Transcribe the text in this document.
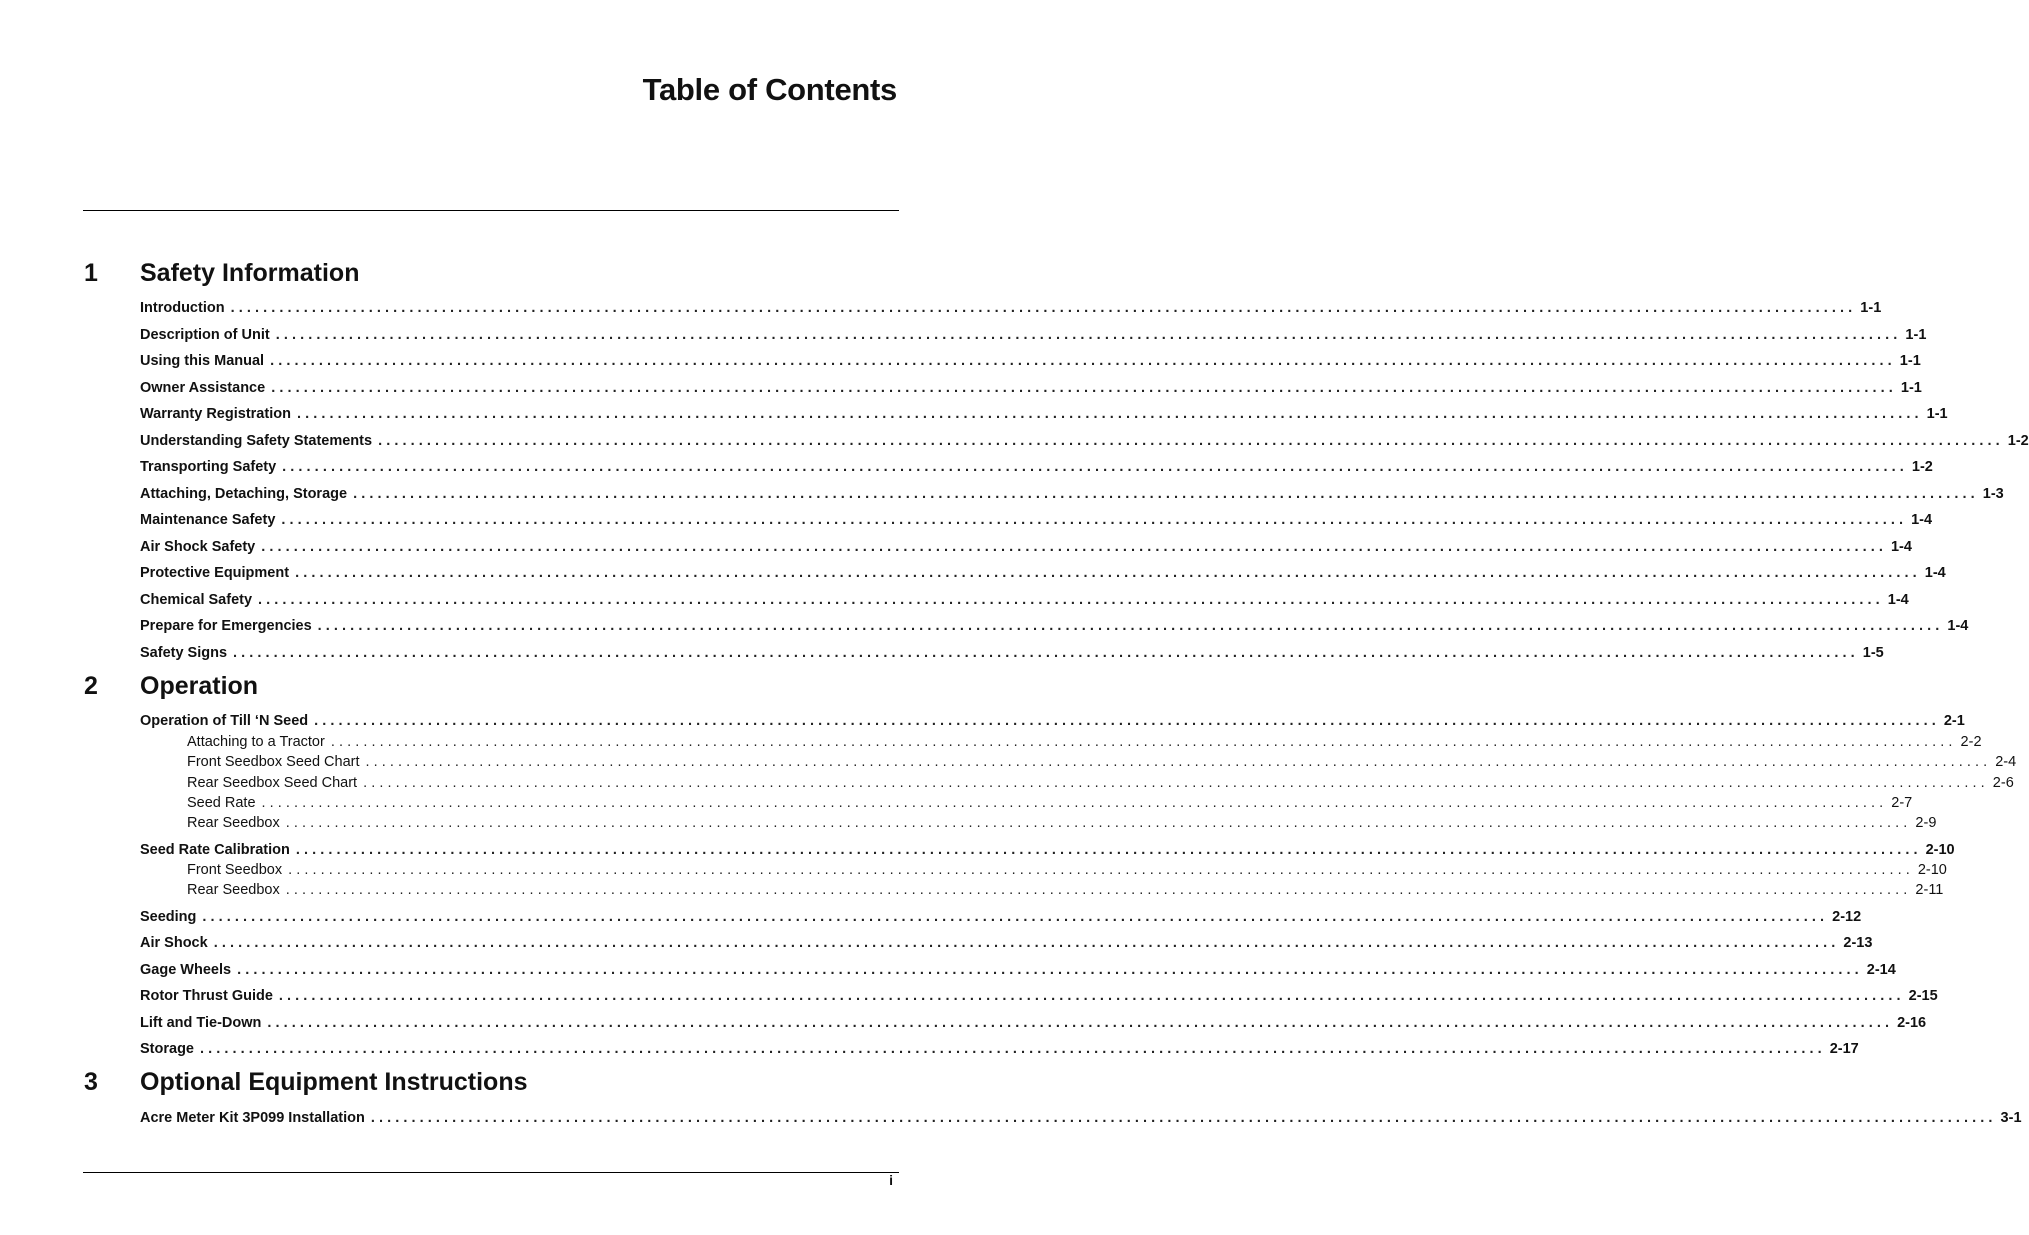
Table of Contents
1 Safety Information
Introduction ........................................................................................................................................................................................................ 1-1
Description of Unit ........................................................................................................................................................................................................ 1-1
Using this Manual ........................................................................................................................................................................................................ 1-1
Owner Assistance ........................................................................................................................................................................................................ 1-1
Warranty Registration ........................................................................................................................................................................................................ 1-1
Understanding Safety Statements ........................................................................................................................................................................................................ 1-2
Transporting Safety ........................................................................................................................................................................................................ 1-2
Attaching, Detaching, Storage ........................................................................................................................................................................................................ 1-3
Maintenance Safety ........................................................................................................................................................................................................ 1-4
Air Shock Safety ........................................................................................................................................................................................................ 1-4
Protective Equipment ........................................................................................................................................................................................................ 1-4
Chemical Safety ........................................................................................................................................................................................................ 1-4
Prepare for Emergencies ........................................................................................................................................................................................................ 1-4
Safety Signs ........................................................................................................................................................................................................ 1-5
2 Operation
Operation of Till ‘N Seed ........................................................................................................................................................................................................ 2-1
Attaching to a Tractor ........................................................................................................................................................................................................ 2-2
Front Seedbox Seed Chart ........................................................................................................................................................................................................ 2-4
Rear Seedbox Seed Chart ........................................................................................................................................................................................................ 2-6
Seed Rate ........................................................................................................................................................................................................ 2-7
Rear Seedbox ........................................................................................................................................................................................................ 2-9
Seed Rate Calibration ........................................................................................................................................................................................................ 2-10
Front Seedbox ........................................................................................................................................................................................................ 2-10
Rear Seedbox ........................................................................................................................................................................................................ 2-11
Seeding ........................................................................................................................................................................................................ 2-12
Air Shock ........................................................................................................................................................................................................ 2-13
Gage Wheels ........................................................................................................................................................................................................ 2-14
Rotor Thrust Guide ........................................................................................................................................................................................................ 2-15
Lift and Tie-Down ........................................................................................................................................................................................................ 2-16
Storage ........................................................................................................................................................................................................ 2-17
3 Optional Equipment Instructions
Acre Meter Kit 3P099 Installation ........................................................................................................................................................................................................ 3-1
i
